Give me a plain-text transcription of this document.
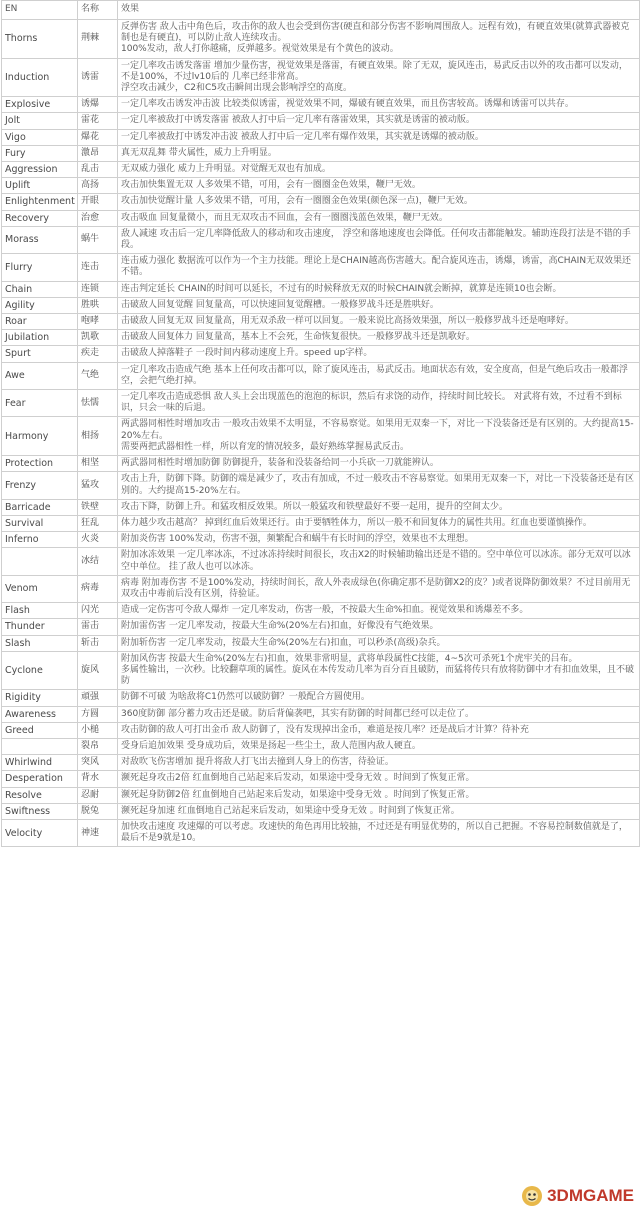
EN	名称	效果
Thorns	荆棘	反弹伤害 敌人击中角色后，攻击你的敌人也会受到伤害(硬直和部分伤害不影响周围敌人。远程有效)，有硬直效果(就算武器被克制也是有硬直)，可以防止敌人连续攻击。
100%发动，敌人打你越痛，反弹越多。视觉效果是有个黄色的波动。

Induction	诱雷	一定几率攻击诱发落雷 增加少量伤害，视觉效果是落雷，有硬直效果。除了无双，旋风连击，易武反击以外的攻击都可以发动，不是100%，不过lv10后的 几率已经非常高。
浮空攻击减少，C2和C5攻击瞬间出现会影响浮空的高度。

Explosive	诱爆	一定几率攻击诱发冲击波 比较类似诱雷，视觉效果不同，爆破有硬直效果，而且伤害较高。诱爆和诱雷可以共存。

Jolt	雷花	一定几率被敌打中诱发落雷 被敌人打中后一定几率有落雷效果，其实就是诱雷的被动版。

Vigo	爆花	一定几率被敌打中诱发冲击波 被敌人打中后一定几率有爆作效果，其实就是诱爆的被动版。

Fury	激昂	真无双乱舞 带火属性，威力上升明显。

Aggression	乱击	无双威力强化 威力上升明显。对觉醒无双也有加成。

Uplift	高扬	攻击加快集置无双 人多效果不错，可用，会有一圈圈金色效果，鞭尸无效。

Enlightenment	开眼	攻击加快觉醒计量 人多效果不错，可用，会有一圈圈金色效果(颜色深一点)，鞭尸无效。

Recovery	治愈	攻击吸血 回复量微小，而且无双攻击不回血，会有一圈圈浅蓝色效果，鞭尸无效。

Morass	蜗牛	敌人减速 攻击后一定几率降低敌人的移动和攻击速度， 浮空和落地速度也会降低。任何攻击都能触发。辅助连段打法是不错的手段。

Flurry	连击	连击威力强化 数据流可以作为一个主力技能。理论上是CHAIN越高伤害越大。配合旋风连击，诱爆，诱雷，高CHAIN无双效果还不错。

Chain	连锁	连击判定延长 CHAIN的时间可以延长，不过有的时候释放无双的时候CHAIN就会断掉，就算是连锁10也会断。

Agility	胜哄	击破敌人回复觉醒 回复量高，可以快速回复觉醒槽。一般修罗战斗还是胜哄好。

Roar	咆哮	击破敌人回复无双 回复量高，用无双杀敌一样可以回复。一般来说比高扬效果强，所以一般修罗战斗还是咆哮好。

Jubilation	凯歌	击破敌人回复体力 回复量高，基本上不会死，生命恢复很快。一般修罗战斗还是凯歌好。

Spurt	疾走	击破敌人掉落鞋子 一段时间内移动速度上升。speed up字样。

Awe	气绝	一定几率攻击造成气绝 基本上任何攻击都可以，除了旋风连击，易武反击。地面状态有效，安全度高，但是气绝后攻击一般都浮空，会把气绝打掉。

Fear	怯懦	一定几率攻击造成恐惧 敌人头上会出现蓝色的泡泡的标识，然后有求饶的动作，持续时间比较长。 对武将有效，不过看不到标识，只会一味的后退。

Harmony	相扬	两武器同相性时增加攻击 一般攻击效果不太明显，不容易察觉。如果用无双秦一下，对比一下没装备还是有区别的。大约提高15-20%左右。
需要两把武器相性一样，所以育宠的情况较多，最好熟练掌握易武反击。

Protection	相坚	两武器同相性时增加防御 防御提升，装备和没装备给同一小兵砍一刀就能辨认。

Frenzy	猛攻	攻击上升，防御下降。防御的端是减少了，攻击有加成，不过一般攻击不容易察觉。如果用无双秦一下，对比一下没装备还是有区别的。大约提高15-20%左右。

Barricade	铁壁	攻击下降，防御上升。和猛攻相反效果。所以一般猛攻和铁壁最好不要一起用，提升的空间太少。

Survival	狂乱	体力越少攻击越高？ 掉到红血后效果还行。由于要牺牲体力，所以一般不和回复体力的属性共用。红血也要谨慎操作。

Inferno	火炎	附加炎伤害 100%发动，伤害不强，频繁配合和蜗牛有长时间的浮空，效果也不太理想。

	冰结	附加冰冻效果 一定几率冰冻，不过冰冻持续时间很长，攻击X2的时候辅助输出还是不错的。空中单位可以冰冻。部分无双可以冰空中单位。 挂了敌人也可以冰冻。

Venom	病毒	病毒 附加毒伤害 不是100%发动，持续时间长，敌人外表成绿色(你确定那不是防御X2的皮？)或者说降防御效果？不过目前用无双攻击中毒前后没有区别，待验证。

Flash	闪光	造成一定伤害可令敌人爆炸 一定几率发动，伤害一般，不按最大生命%扣血。视觉效果和诱爆差不多。

Thunder	雷击	附加雷伤害 一定几率发动，按最大生命%(20%左右)扣血，好像没有气绝效果。

Slash	斩击	附加斩伤害 一定几率发动，按最大生命%(20%左右)扣血，可以秒杀(高级)杂兵。

Cyclone	旋风	附加风伤害 按最大生命%(20%左右)扣血，效果非常明显，武将单段属性C技能，4~5次可杀死1个虎牢关的吕布。
多属性输出，一次秒。比较翻草项的属性。旋风在本传发动几率为百分百且破防，而猛将传只有放将防御中才有扣血效果，且不破防

Rigidity	頑强	防御不可破 为啥敌将C1仍然可以破防御？一般配合方圆使用。

Awareness	方圆	360度防御 部分蓄力攻击还是破。防后背偏袭吧，其实有防御的时间都已经可以走位了。

Greed	小槌	攻击防御的敌人可打出金币 敌人防御了，没有发现掉出金币，难道是按几率？还是战后才计算？待补充

	裂帛	受身后追加效果 受身成功后，效果是扬起一些尘土，敌人范围内敌人硬直。

Whirlwind	突风	对敌吹飞伤害增加 提升将敌人打飞出去撞到人身上的伤害，待验证。

Desperation	背水	濒死起身攻击2倍 红血倒地自己站起来后发动，如果途中受身无效 。时间到了恢复正常。

Resolve	忍耐	濒死起身防御2倍 红血倒地自己站起来后发动，如果途中受身无效 。时间到了恢复正常。

Swiftness	脱兔	濒死起身加速 红血倒地自己站起来后发动，如果途中受身无效 。时间到了恢复正常。

Velocity	神速	加快攻击速度 攻速爆的可以考虑。攻速快的角色再用比较抽，不过还是有明显优势的，所以自己把握。不容易控制数值就是了，最后不是9就是10。
3DMGAME
